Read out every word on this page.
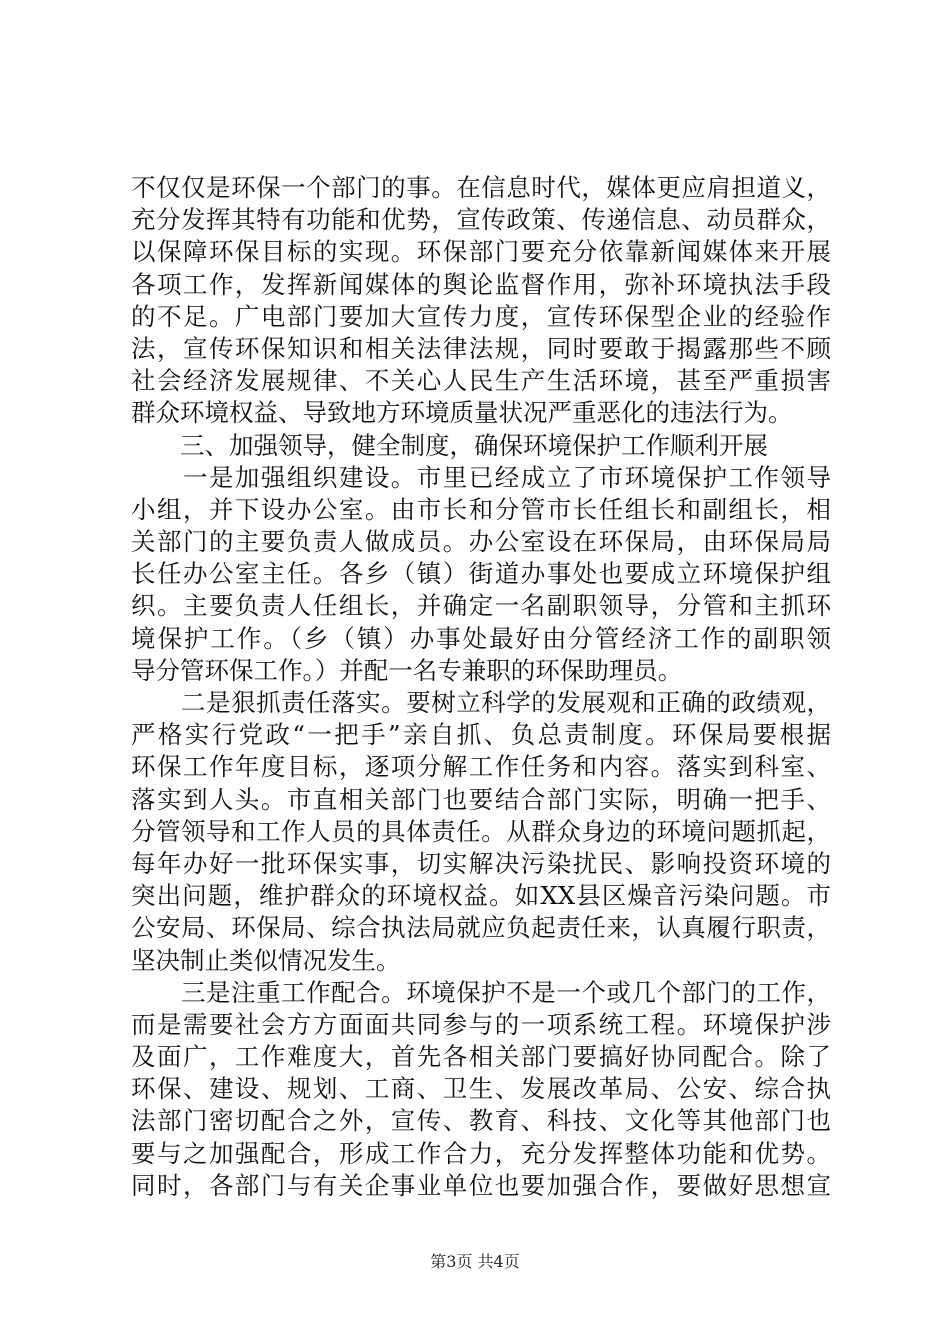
不仅仅是环保一个部门的事。在信息时代，媒体更应肩担道义，
充分发挥其特有功能和优势，宣传政策、传递信息、动员群众，
以保障环保目标的实现。环保部门要充分依靠新闻媒体来开展
各项工作，发挥新闻媒体的舆论监督作用，弥补环境执法手段
的不足。广电部门要加大宣传力度，宣传环保型企业的经验作
法，宣传环保知识和相关法律法规，同时要敢于揭露那些不顾
社会经济发展规律、不关心人民生产生活环境，甚至严重损害
群众环境权益、导致地方环境质量状况严重恶化的违法行为。
　　三、加强领导，健全制度，确保环境保护工作顺利开展
　　一是加强组织建设。市里已经成立了市环境保护工作领导
小组，并下设办公室。由市长和分管市长任组长和副组长，相
关部门的主要负责人做成员。办公室设在环保局，由环保局局
长任办公室主任。各乡（镇）街道办事处也要成立环境保护组
织。主要负责人任组长，并确定一名副职领导，分管和主抓环
境保护工作。（乡（镇）办事处最好由分管经济工作的副职领
导分管环保工作。）并配一名专兼职的环保助理员。
　　二是狠抓责任落实。要树立科学的发展观和正确的政绩观，
严格实行党政“一把手”亲自抓、负总责制度。环保局要根据
环保工作年度目标，逐项分解工作任务和内容。落实到科室、
落实到人头。市直相关部门也要结合部门实际，明确一把手、
分管领导和工作人员的具体责任。从群众身边的环境问题抓起，
每年办好一批环保实事，切实解决污染扰民、影响投资环境的
突出问题，维护群众的环境权益。如XX县区燥音污染问题。市
公安局、环保局、综合执法局就应负起责任来，认真履行职责，
坚决制止类似情况发生。
　　三是注重工作配合。环境保护不是一个或几个部门的工作，
而是需要社会方方面面共同参与的一项系统工程。环境保护涉
及面广，工作难度大，首先各相关部门要搞好协同配合。除了
环保、建设、规划、工商、卫生、发展改革局、公安、综合执
法部门密切配合之外，宣传、教育、科技、文化等其他部门也
要与之加强配合，形成工作合力，充分发挥整体功能和优势。
同时，各部门与有关企事业单位也要加强合作，要做好思想宣
第3页 共4页
